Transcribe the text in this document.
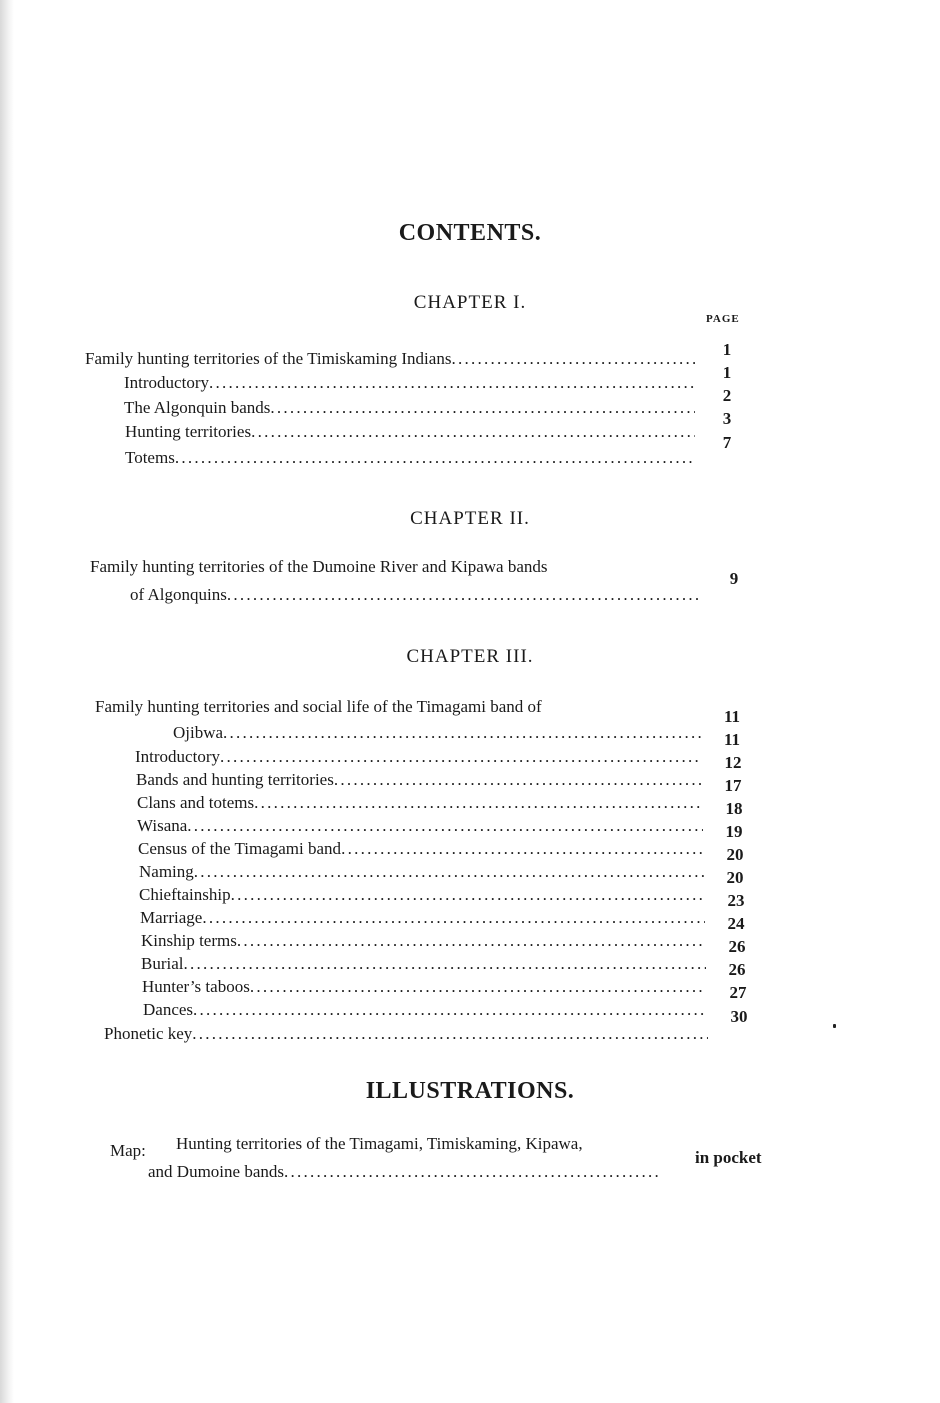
CONTENTS.
CHAPTER I.
PAGE
Family hunting territories of the Timiskaming Indians. . .
Introductory. . .
The Algonquin bands. . .
Hunting territories. . .
Totems. . .
1
1
2
3
7
CHAPTER II.
Family hunting territories of the Dumoine River and Kipawa bands
of Algonquins. . .
9
CHAPTER III.
Family hunting territories and social life of the Timagami band of
Ojibwa. . .
Introductory. . .
Bands and hunting territories. . .
Clans and totems. . .
Wisana. . .
Census of the Timagami band. . .
Naming. . .
Chieftainship. . .
Marriage. . .
Kinship terms. . .
Burial. . .
Hunter’s taboos. . .
Dances. . .
Phonetic key. . .
11
11
12
17
18
19
20
20
23
24
26
26
27
30
ILLUSTRATIONS.
Map: Hunting territories of the Timagami, Timiskaming, Kipawa,
and Dumoine bands. . .
in pocket
